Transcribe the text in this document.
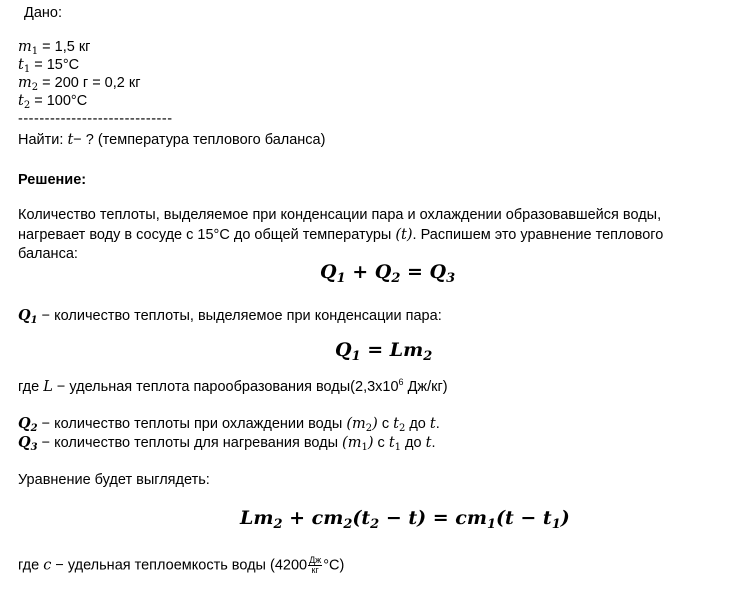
Дано:
$m_1 = 1,5$ кг
$t_1 = 15^\circ C$
$m_2 = 200$ г = 0,2 кг
$t_2 = 100^\circ C$
-----------------------------
Найти: t− ? (температура теплового баланса)
Решение:
Количество теплоты, выделяемое при конденсации пара и охлаждении образовавшейся воды,
нагревает воду в сосуде с 15°C до общей температуры (t). Распишем это уравнение теплового
баланса:
$Q_1 + Q_2 = Q_3$
$Q_1$ − количество теплоты, выделяемое при конденсации пара:
$Q_1 = Lm_2$
где L − удельная теплота парообразования $воды(2,3x10^6$ Дж/кг)
$Q_2$ − количество теплоты при охлаждении воды $(m_2)$ с $t_2$ до t.
$Q_3$ − количество теплоты для нагревания воды $(m_1)$ с $t_1$ до t.
Уравнение будет выглядеть:
$Lm_2 + cm_2(t_2 - t) = cm_1(t - t_1)$
где c − удельная теплоемкость воды $(4200 \frac{Дж}{кг} ^\circ C)$
